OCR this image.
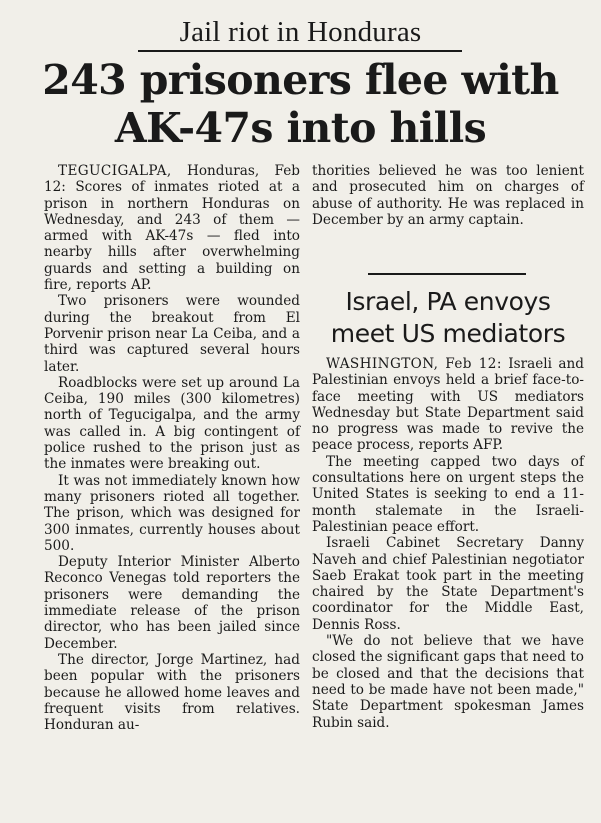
Jail riot in Honduras
243 prisoners flee with
AK-47s into hills

TEGUCIGALPA, Honduras, Feb 12: Scores of inmates rioted at a prison in northern Honduras on Wednesday, and 243 of them — armed with AK-47s — fled into nearby hills after overwhelming guards and setting a building on fire, reports AP.

Two prisoners were wounded during the breakout from El Porvenir prison near La Ceiba, and a third was captured several hours later.

Roadblocks were set up around La Ceiba, 190 miles (300 kilometres) north of Tegucigalpa, and the army was called in. A big contingent of police rushed to the prison just as the inmates were breaking out.

It was not immediately known how many prisoners rioted all together. The prison, which was designed for 300 inmates, currently houses about 500.

Deputy Interior Minister Alberto Reconco Venegas told reporters the prisoners were demanding the immediate release of the prison director, who has been jailed since December.

The director, Jorge Martinez, had been popular with the prisoners because he allowed home leaves and frequent visits from relatives. Honduran au-

thorities believed he was too lenient and prosecuted him on charges of abuse of authority. He was replaced in December by an army captain.

Israel, PA envoys
meet US mediators

WASHINGTON, Feb 12: Israeli and Palestinian envoys held a brief face-to-face meeting with US mediators Wednesday but State Department said no progress was made to revive the peace process, reports AFP.

The meeting capped two days of consultations here on urgent steps the United States is seeking to end a 11-month stalemate in the Israeli-Palestinian peace effort.

Israeli Cabinet Secretary Danny Naveh and chief Palestinian negotiator Saeb Erakat took part in the meeting chaired by the State Department's coordinator for the Middle East, Dennis Ross.

"We do not believe that we have closed the significant gaps that need to be closed and that the decisions that need to be made have not been made," State Department spokesman James Rubin said.
